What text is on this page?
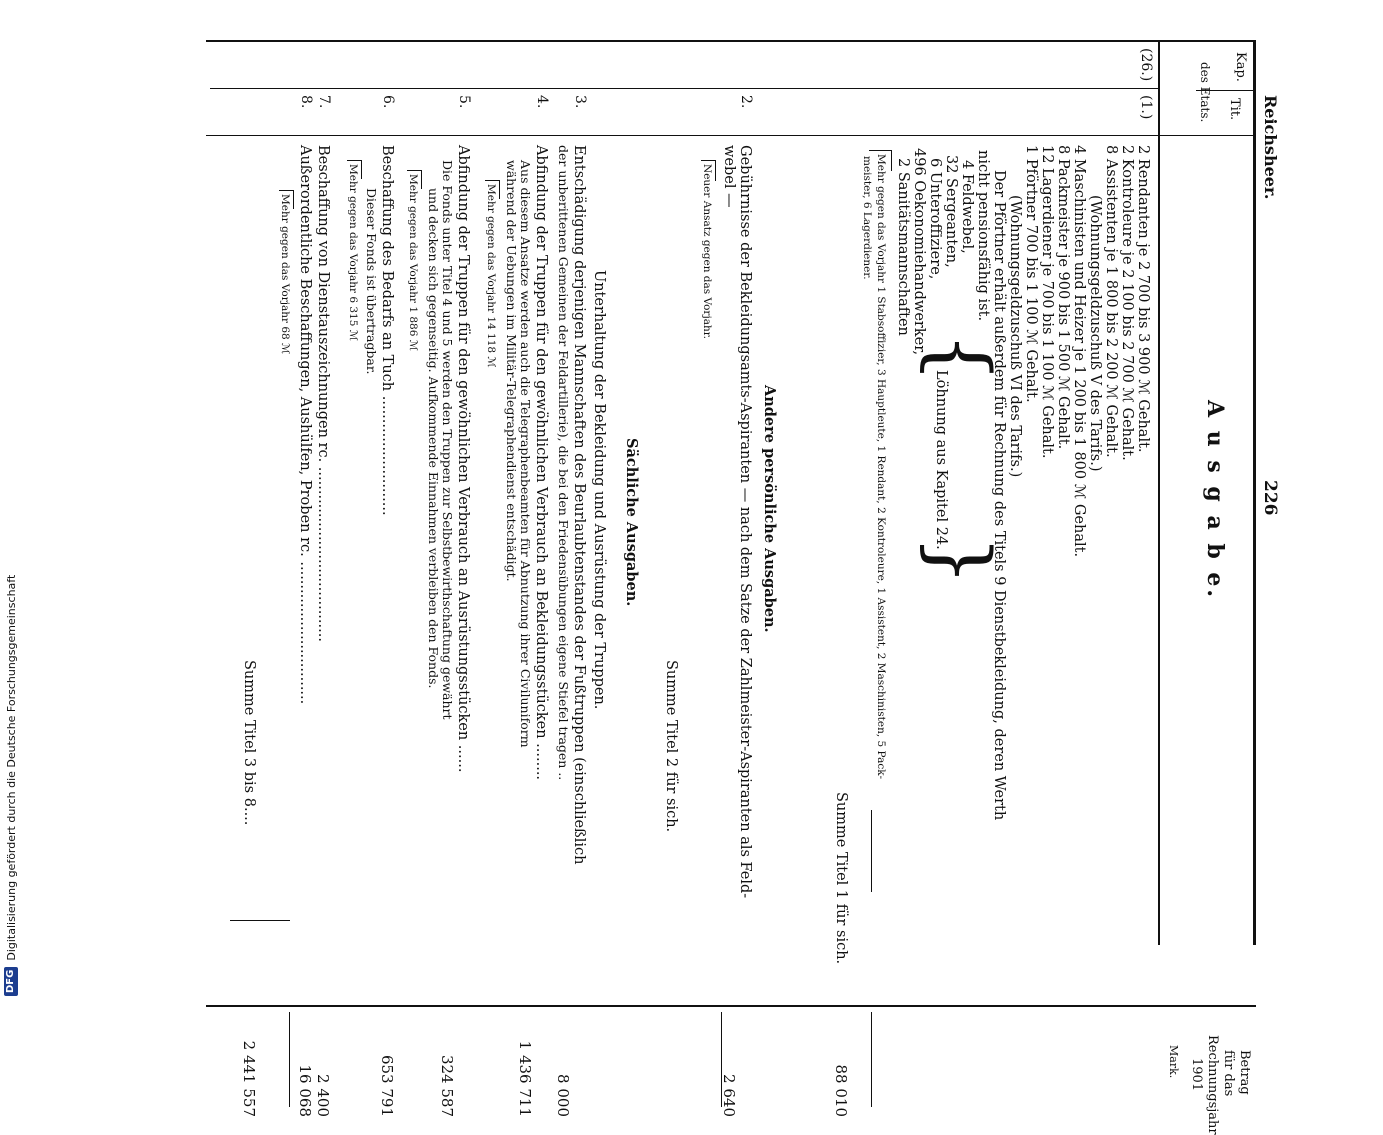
DFG
Digitalisierung gefördert durch die Deutsche Forschungsgemeinschaft
Reichsheer.
226
Kap.
Tit.
des Etats.
A u s g a b e.
Betrag
für das
Rechnungsjahr
1901
Mark.
(26.)
(1.)
2 Rendanten je 2 700 bis 3 900 ℳ Gehalt.
2 Kontroleure je 2 100 bis 2 700 ℳ Gehalt.
8 Assistenten je 1 800 bis 2 200 ℳ Gehalt.
(Wohnungsgeldzuschuß V des Tarifs.)
4 Maschinisten und Heizer je 1 200 bis 1 800 ℳ Gehalt.
8 Packmeister je 900 bis 1 500 ℳ Gehalt.
12 Lagerdiener je 700 bis 1 100 ℳ Gehalt.
1 Pförtner 700 bis 1 100 ℳ Gehalt.
(Wohnungsgeldzuschuß VI des Tarifs.)
Der Pförtner erhält außerdem für Rechnung des Titels 9 Dienstbekleidung, deren Werth
nicht pensionsfähig ist.
4 Feldwebel,
32 Sergeanten,
6 Unteroffiziere,
496 Oekonomiehandwerker,
2 Sanitätsmannschaften
{
Löhnung aus Kapitel 24.
}
Mehr gegen das Vorjahr 1 Stabsoffizier, 3 Hauptleute, 1 Rendant, 2 Kontroleure, 1 Assistent, 2 Maschinisten, 5 Pack-
meister, 6 Lagerdiener.
Summe Titel 1 für sich.
88 010
Andere persönliche Ausgaben.
2.
Gebührnisse der Bekleidungsamts-Aspiranten — nach dem Satze der Zahlmeister-Aspiranten als Feld-
webel —
Neuer Ansatz gegen das Vorjahr.
Summe Titel 2 für sich.
2 640
Sächliche Ausgaben.
Unterhaltung der Bekleidung und Ausrüstung der Truppen.
3.
Entschädigung derjenigen Mannschaften des Beurlaubtenstandes der Fußtruppen (einschließlich
der unberittenen Gemeinen der Feldartillerie), die bei den Friedensübungen eigene Stiefel tragen ..
8 000
4.
Abfindung der Truppen für den gewöhnlichen Verbrauch an Bekleidungsstücken ........
Aus diesem Ansatze werden auch die Telegraphenbeamten für Abnutzung ihrer Civiluniform
während der Uebungen im Militär-Telegraphendienst entschädigt.
Mehr gegen das Vorjahr 14 118 ℳ
1 436 711
5.
Abfindung der Truppen für den gewöhnlichen Verbrauch an Ausrüstungsstücken ......
Die Fonds unter Titel 4 und 5 werden den Truppen zur Selbstbewirthschaftung gewährt
und decken sich gegenseitig. Aufkommende Einnahmen verbleiben den Fonds.
Mehr gegen das Vorjahr 1 886 ℳ
324 587
6.
Beschaffung des Bedarfs an Tuch ..........................
Dieser Fonds ist übertragbar.
Mehr gegen das Vorjahr 6 315 ℳ
653 791
7.
Beschaffung von Dienstauszeichnungen rc. ......................................
2 400
8.
Außerordentliche Beschaffungen, Aushülfen, Proben rc. ...............................
Mehr gegen das Vorjahr 68 ℳ
16 068
Summe Titel 3 bis 8....
2 441 557
